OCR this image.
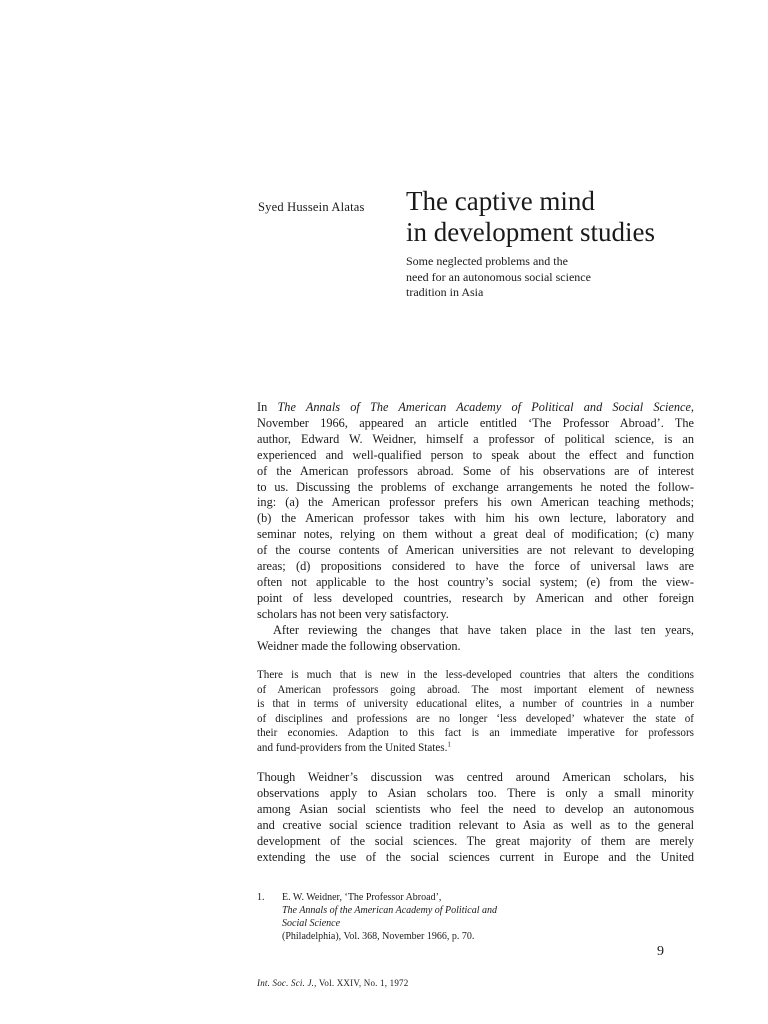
Syed Hussein Alatas The captive mind
in development studies
Some neglected problems and the
need for an autonomous social science
tradition in Asia

In The Annals of The American Academy of Political and Social Science,
November 1966, appeared an article entitled ‘The Professor Abroad’. The
author, Edward W. Weidner, himself a professor of political science, is an
experienced and well-qualified person to speak about the effect and function
of the American professors abroad. Some of his observations are of interest
to us. Discussing the problems of exchange arrangements he noted the follow-
ing: (a) the American professor prefers his own American teaching methods;
(b) the American professor takes with him his own lecture, laboratory and
seminar notes, relying on them without a great deal of modification; (c) many
of the course contents of American universities are not relevant to developing
areas; (d) propositions considered to have the force of universal laws are
often not applicable to the host country’s social system; (e) from the view-
point of less developed countries, research by American and other foreign
scholars has not been very satisfactory.

After reviewing the changes that have taken place in the last ten years,
Weidner made the following observation.

There is much that is new in the less-developed countries that alters the conditions
of American professors going abroad. The most important element of newness
is that in terms of university educational elites, a number of countries in a number
of disciplines and professions are no longer ‘less developed’ whatever the state of
their economies. Adaption to this fact is an immediate imperative for professors
and fund-providers from the United States.$^1$
Though Weidner’s discussion was centred around American scholars, his
observations apply to Asian scholars too. There is only a small minority
among Asian social scientists who feel the need to develop an autonomous
and creative social science tradition relevant to Asia as well as to the general
development of the social sciences. The great majority of them are merely
extending the use of the social sciences current in Europe and the United
1. E. W. Weidner, ‘The Professor Abroad’,
The Annals of the American Academy of Political and
Social Science
(Philadelphia), Vol. 368, November 1966, p. 70.
9
Int. Soc. Sci. J., Vol. XXIV, No. 1, 1972
